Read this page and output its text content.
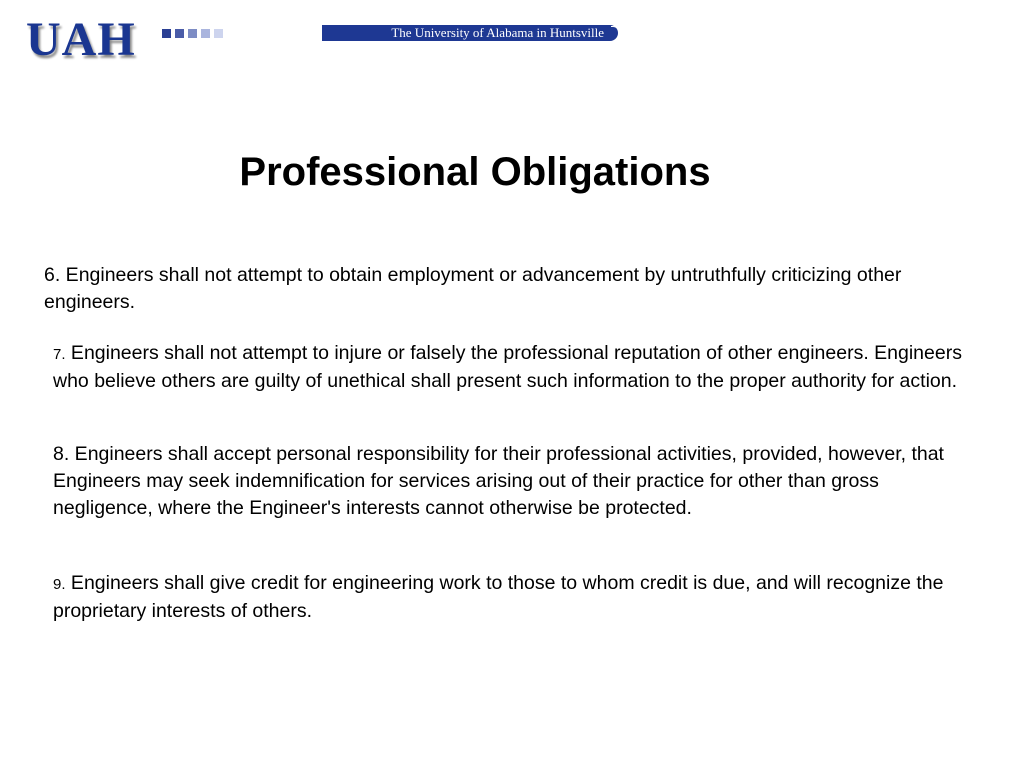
UAH	The University of Alabama in Huntsville
Professional Obligations

6. Engineers shall not attempt to obtain employment or advancement by untruthfully criticizing other engineers.

7. Engineers shall not attempt to injure or falsely the professional reputation of other engineers. Engineers who believe others are guilty of unethical shall present such information to the proper authority for action.

8. Engineers shall accept personal responsibility for their professional activities, provided, however, that Engineers may seek indemnification for services arising out of their practice for other than gross negligence, where the Engineer's interests cannot otherwise be protected.

9. Engineers shall give credit for engineering work to those to whom credit is due, and will recognize the proprietary interests of others.
